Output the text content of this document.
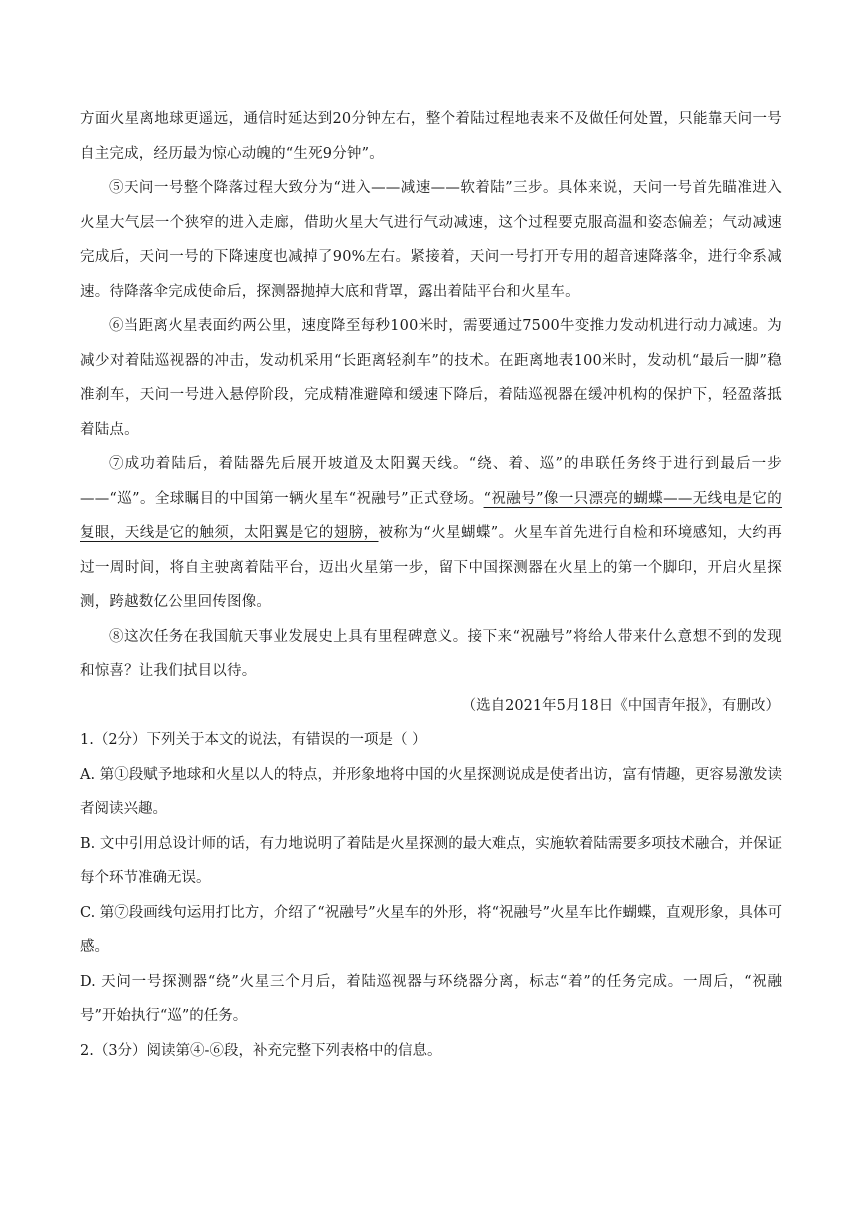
方面火星离地球更遥远，通信时延达到20分钟左右，整个着陆过程地表来不及做任何处置，只能靠天问一号自主完成，经历最为惊心动魄的“生死9分钟”。

⑤天问一号整个降落过程大致分为“进入——减速——软着陆”三步。具体来说，天问一号首先瞄准进入火星大气层一个狭窄的进入走廊，借助火星大气进行气动减速，这个过程要克服高温和姿态偏差；气动减速完成后，天问一号的下降速度也减掉了90%左右。紧接着，天问一号打开专用的超音速降落伞，进行伞系减速。待降落伞完成使命后，探测器抛掉大底和背罩，露出着陆平台和火星车。

⑥当距离火星表面约两公里，速度降至每秒100米时，需要通过7500牛变推力发动机进行动力减速。为减少对着陆巡视器的冲击，发动机采用“长距离轻刹车”的技术。在距离地表100米时，发动机“最后一脚”稳准刹车，天问一号进入悬停阶段，完成精准避障和缓速下降后，着陆巡视器在缓冲机构的保护下，轻盈落抵着陆点。

⑦成功着陆后，着陆器先后展开坡道及太阳翼天线。“绕、着、巡”的串联任务终于进行到最后一步——“巡”。全球瞩目的中国第一辆火星车“祝融号”正式登场。“祝融号”像一只漂亮的蝴蝶——无线电是它的复眼，天线是它的触须，太阳翼是它的翅膀，被称为“火星蝴蝶”。火星车首先进行自检和环境感知，大约再过一周时间，将自主驶离着陆平台，迈出火星第一步，留下中国探测器在火星上的第一个脚印，开启火星探测，跨越数亿公里回传图像。

⑧这次任务在我国航天事业发展史上具有里程碑意义。接下来“祝融号”将给人带来什么意想不到的发现和惊喜？让我们拭目以待。

（选自2021年5月18日《中国青年报》，有删改）

1.（2分）下列关于本文的说法，有错误的一项是（ ）

A. 第①段赋予地球和火星以人的特点，并形象地将中国的火星探测说成是使者出访，富有情趣，更容易激发读者阅读兴趣。

B. 文中引用总设计师的话，有力地说明了着陆是火星探测的最大难点，实施软着陆需要多项技术融合，并保证每个环节准确无误。

C. 第⑦段画线句运用打比方，介绍了“祝融号”火星车的外形，将“祝融号”火星车比作蝴蝶，直观形象，具体可感。

D. 天问一号探测器“绕”火星三个月后，着陆巡视器与环绕器分离，标志“着”的任务完成。一周后，“祝融号”开始执行“巡”的任务。

2.（3分）阅读第④-⑥段，补充完整下列表格中的信息。
